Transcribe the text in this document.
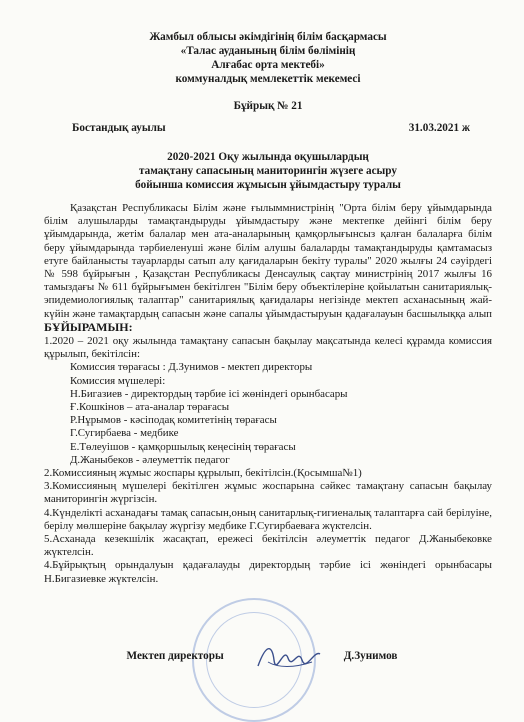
Жамбыл облысы әкімдігінің білім басқармасы
«Талас ауданының білім бөлімінің
Алғабас орта мектебі»
коммуналдық мемлекеттік мекемесі
Бұйрық № 21
Бостандық ауылы	31.03.2021 ж
2020-2021 Оқу жылында оқушылардың
тамақтану сапасының маниторингін жүзеге асыру
бойынша комиссия жұмысын ұйымдастыру туралы

Қазақстан Республикасы Білім және ғылыммнистрінің "Орта білім беру ұйымдарында білім алушыларды тамақтандыруды ұйымдастыру және мектепке дейінгі білім беру ұйымдарында, жетім балалар мен ата-аналарының қамқорлығынсыз қалған балаларға білім беру ұйымдарында тәрбиеленуші және білім алушы балаларды тамақтандыруды қамтамасыз етуге байланысты тауарларды сатып алу қағидаларын бекіту туралы" 2020 жылғы 24 сәуірдегі № 598 бұйрығын , Қазақстан Республикасы Денсаулық сақтау министрінің 2017 жылғы 16 тамыздағы № 611 бұйрығымен бекітілген "Білім беру объектілеріне қойылатын санитариялық-эпидемиологиялық талаптар" санитариялық қағидалары негізінде мектеп асханасының жай-күйін және тамақтардың сапасын және сапалы ұйымдастыруын қадағалауын басшылыққа алып БҰЙЫРАМЫН:

1.2020 – 2021 оқу жылында тамақтану сапасын бақылау мақсатында келесі құрамда комиссия құрылып, бекітілсін:

Комиссия төрағасы : Д.Зунимов - мектеп директоры
Комиссия мүшелері:
Н.Бигазиев - директордың тәрбие ісі жөніндегі орынбасары
Ғ.Кошкінов – ата-аналар төрағасы
Р.Нұрымов - кәсіподақ комитетінің төрағасы
Г.Сугирбаева - медбике
Е.Төлеуішов - қамқоршылық кеңесінің төрағасы
Д.Жаныбеков - әлеуметтік педагог

2.Комиссияның жұмыс жоспары құрылып, бекітілсін.(Қосымша№1)

3.Комиссияның мүшелері бекітілген жұмыс жоспарына сәйкес тамақтану сапасын бақылау маниторингін жүргізсін.

4.Күнделікті асханадағы тамақ сапасын,оның санитарлық-гигиеналық талаптарға сай берілуіне, берілу мөлшеріне бақылау жүргізу медбике Г.Сугирбаеваға жүктелсін.

5.Асханада кезекшілік жасақтап, ережесі бекітілсін әлеуметтік педагог Д.Жаныбековке жүктелсін.

4.Бұйрықтың орындалуын қадағалауды директордың тәрбие ісі жөніндегі орынбасары Н.Бигазиевке жүктелсін.

Мектеп директоры	Д.Зунимов
